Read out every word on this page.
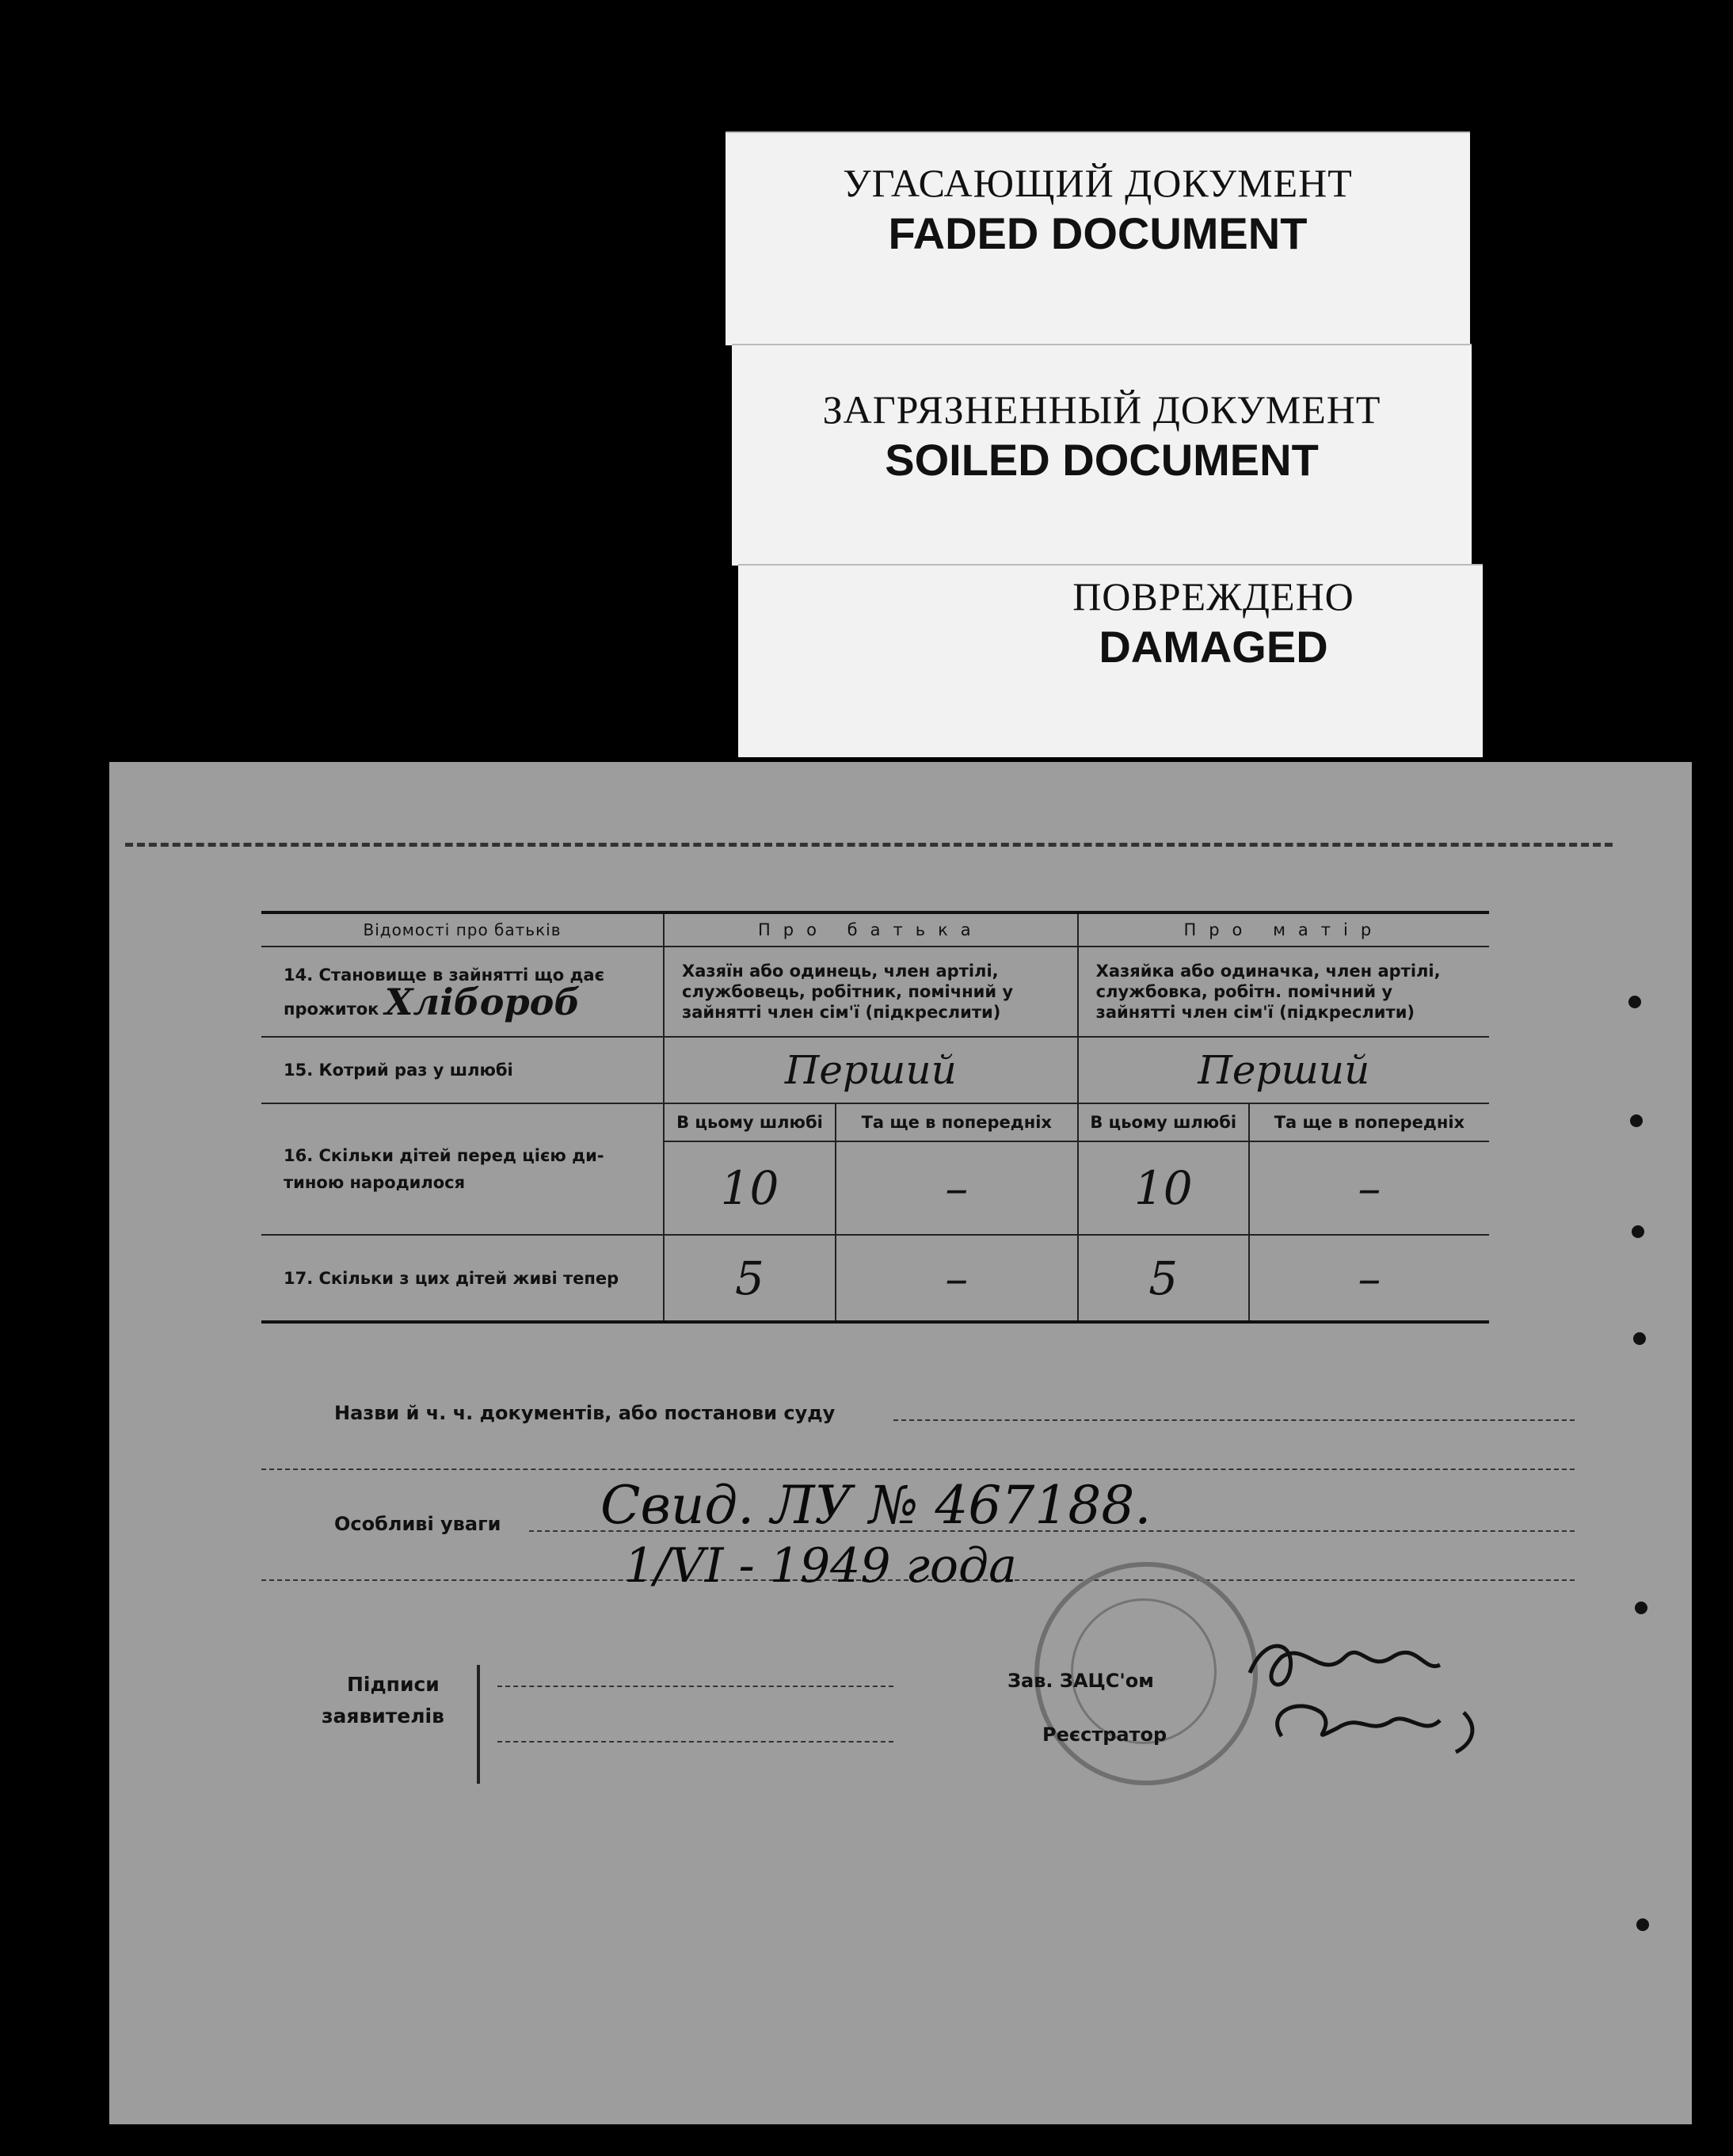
УГАСАЮЩИЙ ДОКУМЕНТ
FADED DOCUMENT
ЗАГРЯЗНЕННЫЙ ДОКУМЕНТ
SOILED DOCUMENT
ПОВРЕЖДЕНО
DAMAGED
Відомості про батьків	Про батька		Про матір	
14. Становище в зайнятті що дає
прожиток Хлібороб	Хазяїн або одинець, член артілі, службовець, робітник, помічний у зайнятті член сім'ї (підкреслити)		Хазяйка або одиначка, член артілі, службовка, робітн. помічний у зайнятті член сім'ї (підкреслити)	
15. Котрий раз у шлюбі	Перший		Перший	
16. Скільки дітей перед цією ди-
тиною народилося	В цьому шлюбі	Та ще в попередніх	В цьому шлюбі	Та ще в попередніх
	10	–	10	–
17. Скільки з цих дітей живі тепер	5	–	5	–
Назви й ч. ч. документів, або постанови суду
Особливі уваги Свид. ЛУ № 467188.
1/VI - 1949 года
Підписи
заявителів
Зав. ЗАЦС'ом
Реєстратор
